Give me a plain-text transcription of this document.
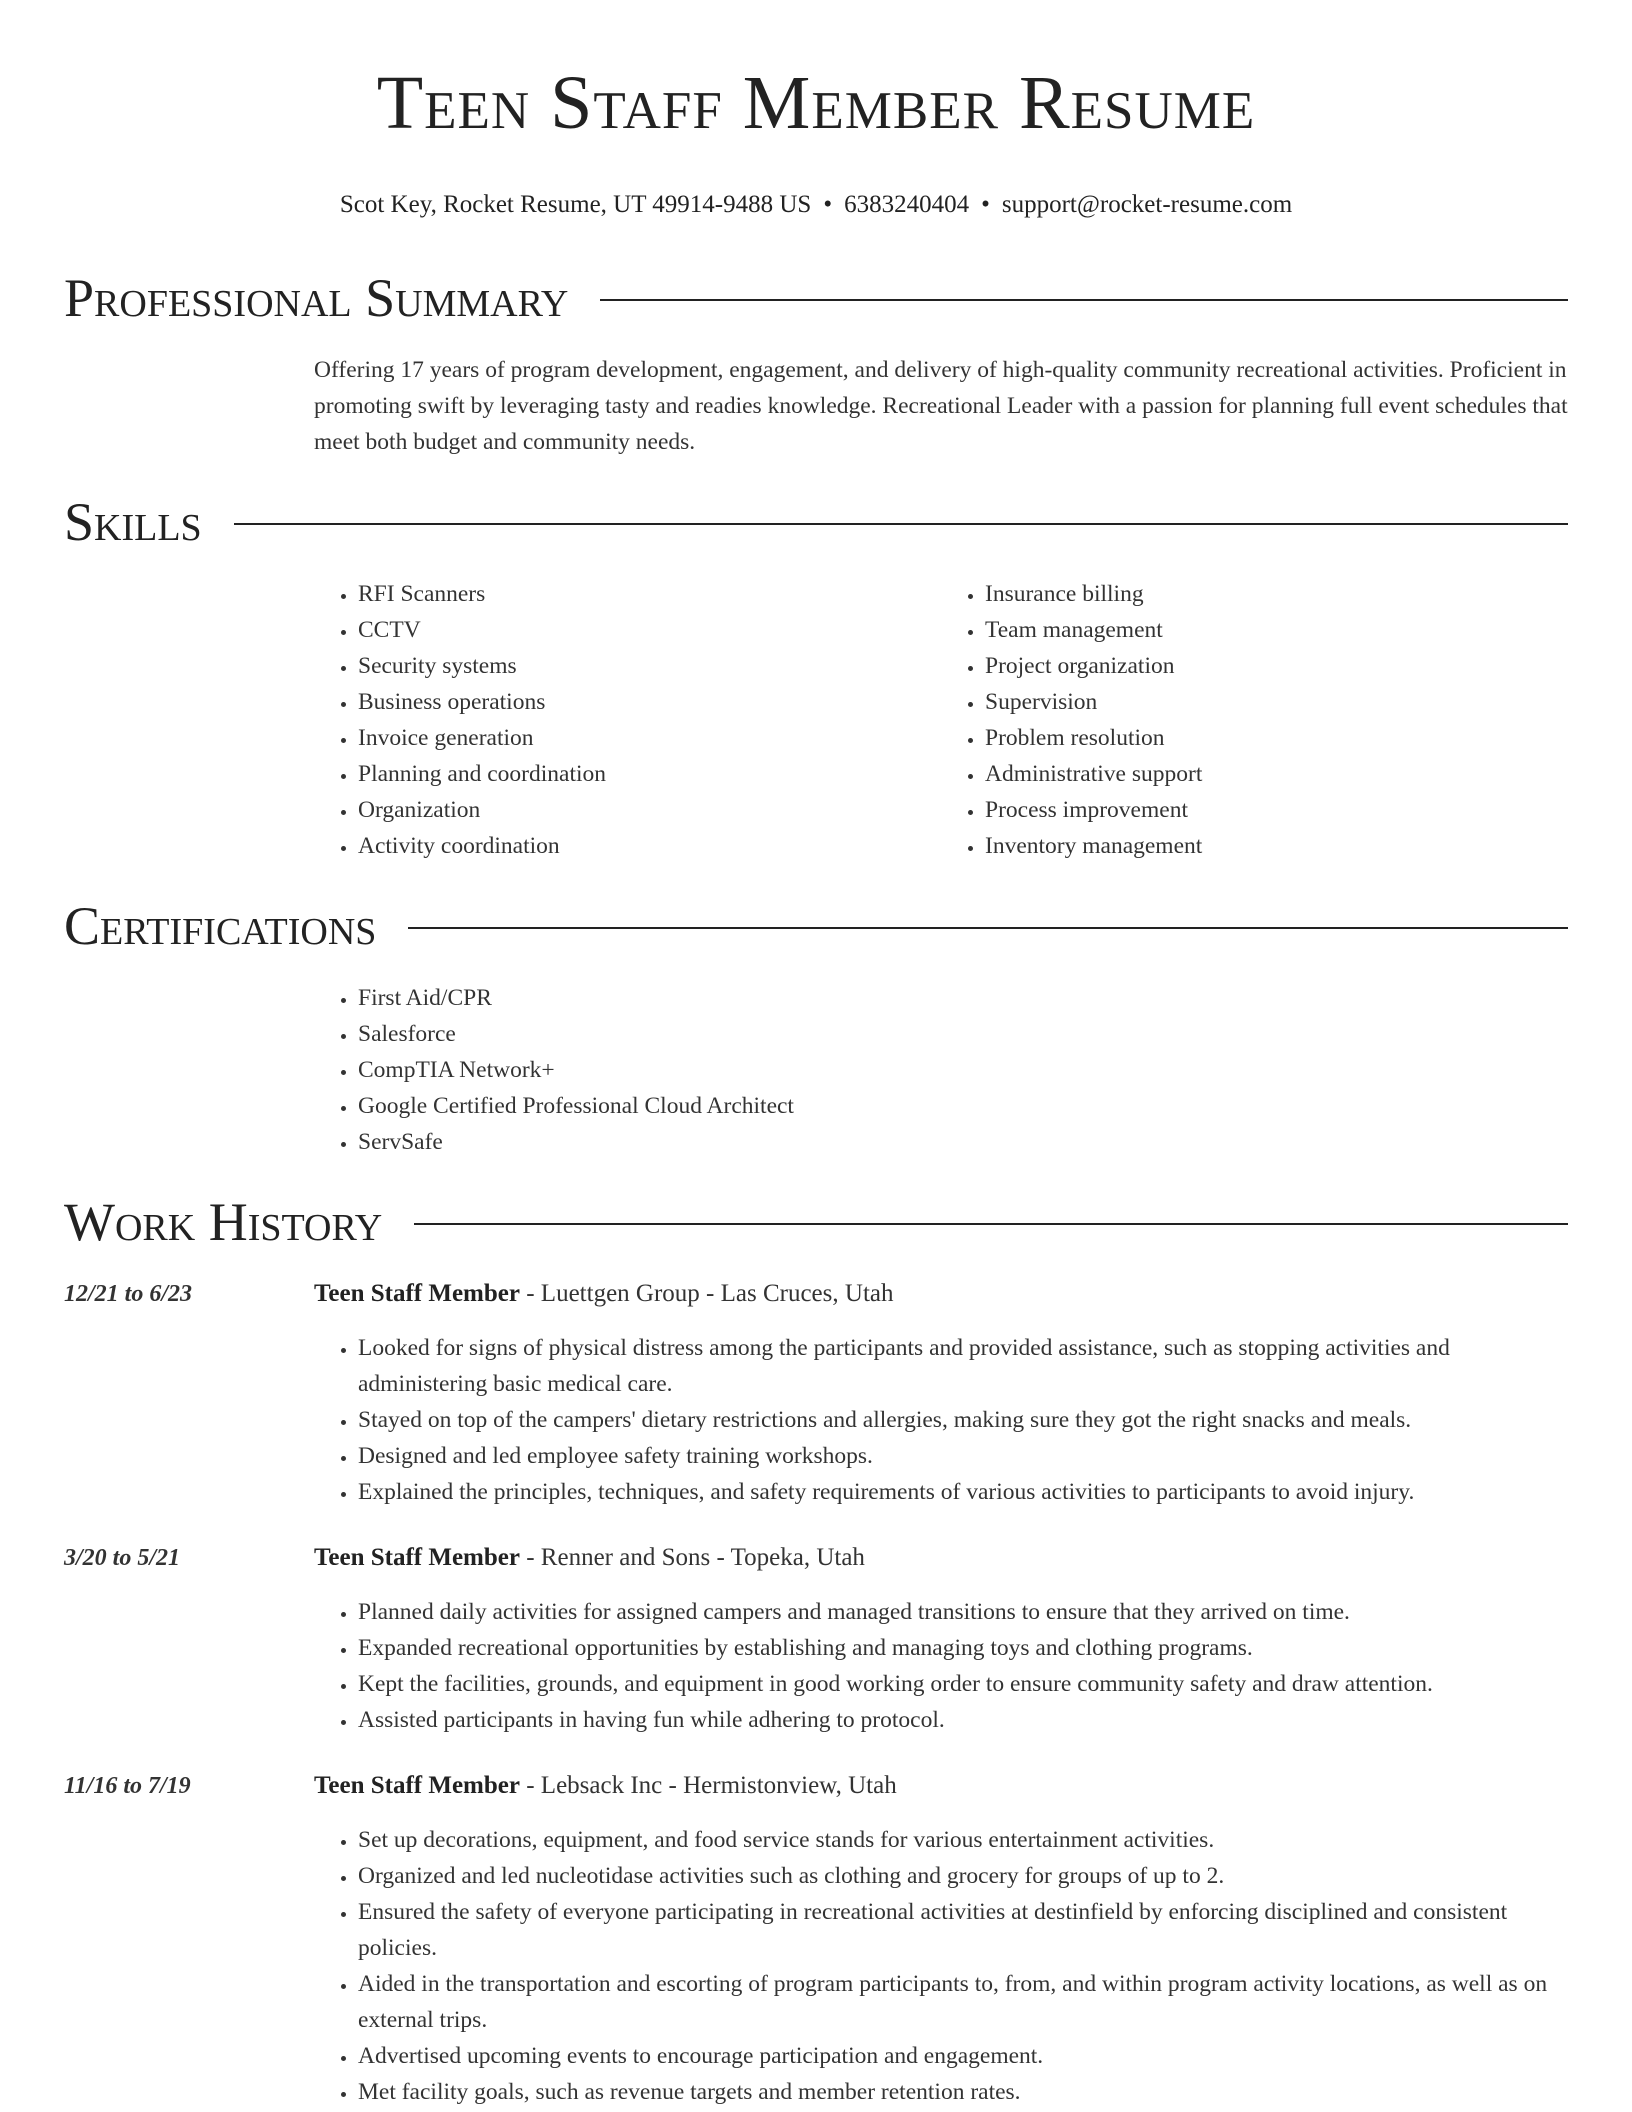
Teen Staff Member Resume
Scot Key, Rocket Resume, UT 49914-9488 US • 6383240404 • support@rocket-resume.com
Professional Summary

Offering 17 years of program development, engagement, and delivery of high-quality community recreational activities. Proficient in promoting swift by leveraging tasty and readies knowledge. Recreational Leader with a passion for planning full event schedules that meet both budget and community needs.

Skills
• RFI Scanners
• CCTV
• Security systems
• Business operations
• Invoice generation
• Planning and coordination
• Organization
• Activity coordination
• Insurance billing
• Team management
• Project organization
• Supervision
• Problem resolution
• Administrative support
• Process improvement
• Inventory management
Certifications
• First Aid/CPR
• Salesforce
• CompTIA Network+
• Google Certified Professional Cloud Architect
• ServSafe
Work History
12/21 to 6/23	Teen Staff Member - Luettgen Group - Las Cruces, Utah
• Looked for signs of physical distress among the participants and provided assistance, such as stopping activities and administering basic medical care.
• Stayed on top of the campers' dietary restrictions and allergies, making sure they got the right snacks and meals.
• Designed and led employee safety training workshops.
• Explained the principles, techniques, and safety requirements of various activities to participants to avoid injury.
3/20 to 5/21	Teen Staff Member - Renner and Sons - Topeka, Utah
• Planned daily activities for assigned campers and managed transitions to ensure that they arrived on time.
• Expanded recreational opportunities by establishing and managing toys and clothing programs.
• Kept the facilities, grounds, and equipment in good working order to ensure community safety and draw attention.
• Assisted participants in having fun while adhering to protocol.
11/16 to 7/19	Teen Staff Member - Lebsack Inc - Hermistonview, Utah
• Set up decorations, equipment, and food service stands for various entertainment activities.
• Organized and led nucleotidase activities such as clothing and grocery for groups of up to 2.
• Ensured the safety of everyone participating in recreational activities at destinfield by enforcing disciplined and consistent policies.
• Aided in the transportation and escorting of program participants to, from, and within program activity locations, as well as on external trips.
• Advertised upcoming events to encourage participation and engagement.
• Met facility goals, such as revenue targets and member retention rates.
